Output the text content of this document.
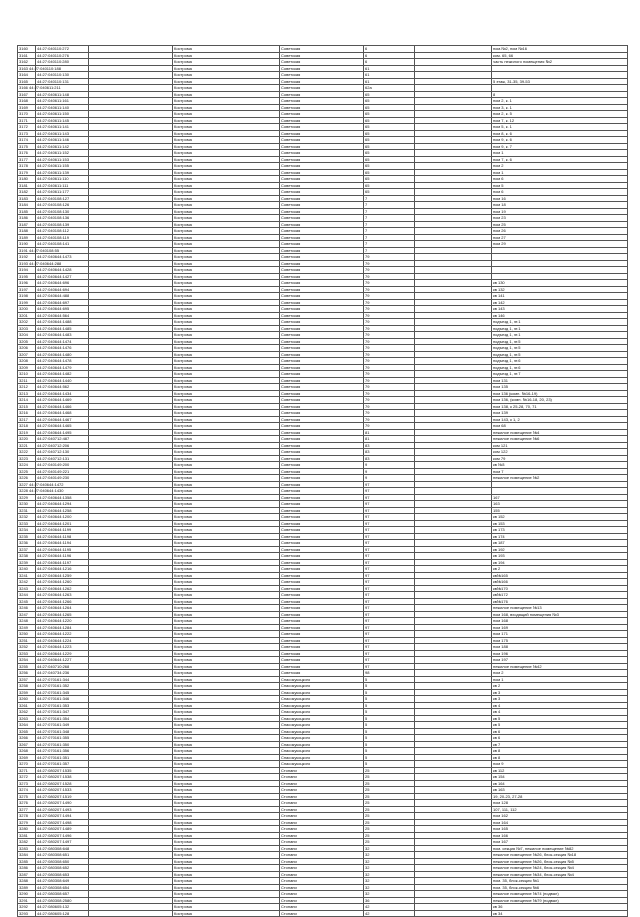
3160	44:27:040110:272		Кострома	Советская	6		пом.№2, пом №16
3161	44:27:040110:276		Кострома	Советская	6		ком. 65, 66
3162	44:27:040110:280		Кострома	Советская	6		часть нежилого помещения №2
3163 44:27:040110:188			Кострома	Советская	61		
3164	44:27:040110:130		Кострома	Советская	61		
3165	44:27:040110:131		Кострома	Советская	61		5 этаж, 31-35, 39-53
3166 44:27:040611:211			Кострома	Советская	62а		
3167	44:27:040611:148		Кострома	Советская	65		8
3168	44:27:040611:161		Кострома	Советская	65		пом 2, к. 1
3169	44:27:040611:140		Кострома	Советская	65		пом 3, к. 1
3170	44:27:040611:150		Кострома	Советская	65		пом 2, к. 5
3171	44:27:040611:145		Кострома	Советская	65		пом 7, к. 12
3172	44:27:040611:141		Кострома	Советская	65		пом 5, к. 1
3173	44:27:040611:143		Кострома	Советская	65		пом 8, к. 6
3174	44:27:040611:146		Кострома	Советская	65		пом 9, к. 6
3175	44:27:040611:142		Кострома	Советская	65		пом 9, к. 7
3176	44:27:040611:152		Кострома	Советская	65		пом 1
3177	44:27:040611:153		Кострома	Советская	65		пом 7, к. 6
3178	44:27:040611:155		Кострома	Советская	65		пом 2
3179	44:27:040611:139		Кострома	Советская	65		пом 1
3180	44:27:040611:110		Кострома	Советская	65		пом 6
3181	44:27:040611:111		Кострома	Советская	65		пом 5
3182	44:27:040611:177		Кострома	Советская	65		пом 6
3183	44:27:040108:127		Кострома	Советская	7		пом 16
3184	44:27:040108:126		Кострома	Советская	7		пом 18
3185	44:27:040108:130		Кострома	Советская	7		пом 19
3186	44:27:040108:136		Кострома	Советская	7		пом 23
3187	44:27:040108:139		Кострома	Советская	7		пом 25
3188	44:27:040108:112		Кострома	Советская	7		пом 26
3189	44:27:040108:119		Кострома	Советская	7		пом 27
3190	44:27:040108:141		Кострома	Советская	7		пом 29
3191 44:27:040108:55			Кострома	Советская	7		
3192	44:27:040644:1473		Кострома	Советская	79		
3193 44:27:040644:288			Кострома	Советская	79		
3194	44:27:040644:1428		Кострома	Советская	79		
3195	44:27:040644:1427		Кострома	Советская	79		
3196	44:27:040644:696		Кострома	Советская	79		кв 130
3197	44:27:040644:694		Кострома	Советская	79		кв 132
3198	44:27:040644:488		Кострома	Советская	79		кв 141
3199	44:27:040644:697		Кострома	Советская	79		кв 142
3200	44:27:040644:695		Кострома	Советская	79		кв 143
3201	44:27:040644:564		Кострома	Советская	79		кв 146
3202	44:27:040644:1488		Кострома	Советская	79		подъезд 1, эт.1
3203	44:27:040644:1485		Кострома	Советская	79		подъезд 1, эт.1
3204	44:27:040644:1483		Кострома	Советская	79		подъезд 1, эт.1
3205	44:27:040644:1474		Кострома	Советская	79		подъезд 1, эт.5
3206	44:27:040644:1476		Кострома	Советская	79		подъезд 1, эт.5
3207	44:27:040644:1480		Кострома	Советская	79		подъезд 1, эт.5
3208	44:27:040644:1478		Кострома	Советская	79		подъезд 1, эт.6
3209	44:27:040644:1479		Кострома	Советская	79		подъезд 1, эт.6
3210	44:27:040644:1482		Кострома	Советская	79		подъезд 1, эт.7
3211	44:27:040644:1440		Кострома	Советская	79		пом 131
3212	44:27:040644:562		Кострома	Советская	79		пом 135
3213	44:27:040644:1434		Кострома	Советская	79		пом 136 (комн. №16-19)
3214	44:27:040644:1469		Кострома	Советская	79		пом 136, (комн. №16-18, 20, 23)
3215	44:27:040644:1466		Кострома	Советская	79		пом 138, к 25-28, 70, 71
3216	44:27:040644:1468		Кострома	Советская	79		пом 139
3217	44:27:040644:1467		Кострома	Советская	79		пом 143, к 1, 2
3218	44:27:040644:1465		Кострома	Советская	79		пом 68
3219	44:27:040644:1495		Кострома	Советская	81		нежилое помещение №4
3220	44:27:040712:487		Кострома	Советская	81		нежилое помещение №6
3221	44:27:040712:206		Кострома	Советская	83		ком 121
3222	44:27:040712:130		Кострома	Советская	83		ком 122
3223	44:27:040712:131		Кострома	Советская	83		ком 79
3224	44:27:040149:200		Кострома	Советская	9		кв №3
3225	44:27:040149:221		Кострома	Советская	9		пом 7
3226	44:27:040149:230		Кострома	Советская	9		нежилое помещение №2
3227 44:27:040644:1472			Кострома	Советская	97		
3228 44:27:040644:1430			Кострома	Советская	97		
3229	44:27:040644:1358		Кострома	Советская	97		167
3230	44:27:040644:1294		Кострома	Советская	97		163
3231	44:27:040644:1258		Кострома	Советская	97		155
3232	44:27:040644:1200		Кострома	Советская	97		кв 152
3233	44:27:040644:1201		Кострома	Советская	97		кв 153
3234	44:27:040644:1199		Кострома	Советская	97		кв 173
3235	44:27:040644:1198		Кострома	Советская	97		кв 174
3236	44:27:040644:1194		Кострома	Советская	97		кв 187
3237	44:27:040644:1195		Кострома	Советская	97		кв 192
3238	44:27:040644:1196		Кострома	Советская	97		кв 193
3239	44:27:040644:1197		Кострома	Советская	97		кв 194
3240	44:27:040644:1216		Кострома	Советская	97		кв 2
3241	44:27:040644:1259		Кострома	Советская	97		кв№165
3242	44:27:040644:1260		Кострома	Советская	97		кв№166
3243	44:27:040644:1262		Кострома	Советская	97		кв№170
3244	44:27:040644:1263		Кострома	Советская	97		кв№172
3245	44:27:040644:1266		Кострома	Советская	97		кв№176
3246	44:27:040644:1264		Кострома	Советская	97		нежилое помещение №13
3247	44:27:040644:1265		Кострома	Советская	97		пом 168, входящий помещения №3
3248	44:27:040644:1220		Кострома	Советская	97		пом 168
3249	44:27:040644:1284		Кострома	Советская	97		пом 169
3250	44:27:040644:1222		Кострома	Советская	97		пом 171
3251	44:27:040644:1224		Кострома	Советская	97		пом 175
3252	44:27:040644:1223		Кострома	Советская	97		пом 188
3253	44:27:040644:1229		Кострома	Советская	97		пом 196
3254	44:27:040644:1227		Кострома	Советская	97		пом 197
3255	44:27:040710:268		Кострома	Советская	97		нежилое помещение №42
3256	44:27:040734:236		Кострома	Советская	98		пом 2
3257	44:27:070161:344		Кострома	Спасокукоцкого	5		пом 1
3258	44:27:070161:352		Кострома	Спасокукоцкого	5		кв 2
3259	44:27:070161:345		Кострома	Спасокукоцкого	5		кв 3
3260	44:27:070161:346		Кострома	Спасокукоцкого	5		кв 3
3261	44:27:070161:353		Кострома	Спасокукоцкого	5		кв 4
3262	44:27:070161:347		Кострома	Спасокукоцкого	5		кв 4
3263	44:27:070161:354		Кострома	Спасокукоцкого	5		кв 5
3264	44:27:070161:349		Кострома	Спасокукоцкого	5		кв 5
3265	44:27:070161:348		Кострома	Спасокукоцкого	5		кв 6
3266	44:27:070161:355		Кострома	Спасокукоцкого	5		кв 6
3267	44:27:070161:350		Кострома	Спасокукоцкого	5		кв 7
3268	44:27:070161:356		Кострома	Спасокукоцкого	5		кв 8
3269	44:27:070161:351		Кострома	Спасокукоцкого	5		кв 8
3270	44:27:070161:357		Кострома	Спасокукоцкого	5		пом 9
3271	44:27:080207:1535		Кострома	Стопани	25		кв 112
3272	44:27:080207:1538		Кострома	Стопани	25		кв 154
3273	44:27:080207:1528		Кострома	Стопани	25		кв 164
3274	44:27:080207:1533		Кострома	Стопани	25		кв 163
3275	44:27:080207:1519		Кострома	Стопани	25		19, 20-23, 27-28
3276	44:27:080207:1490		Кострома	Стопани	25		пом 128
3277	44:27:080207:1493		Кострома	Стопани	25		107, 111, 112
3278	44:27:080207:1494		Кострома	Стопани	25		пом 162
3279	44:27:080207:1498		Кострома	Стопани	25		пом 164
3280	44:27:080207:1489		Кострома	Стопани	25		пом 165
3281	44:27:080207:1496		Кострома	Стопани	25		пом 166
3282	44:27:080207:1497		Кострома	Стопани	25		пом 167
3283	44:27:080308:648		Кострома	Стопани	32		пом. секция №7, нежилое помещение №82
3284	44:27:080308:651		Кострома	Стопани	32		нежилое помещение №26, блок-секция №18
3285	44:27:080308:650		Кострома	Стопани	32		нежилое помещение №26, блок-секция №5
3286	44:27:080308:652		Кострома	Стопани	32		нежилое помещение №24, блок-секция №4
3287	44:27:080308:653		Кострома	Стопани	32		нежилое помещение №34, блок-секция №4
3288	44:27:080308:649		Кострома	Стопани	32		пом. 35, блок-секция №1
3289	44:27:080308:654		Кострома	Стопани	32		пом. 35, блок-секция №6
3290	44:27:080308:657		Кострома	Стопани	32		нежилое помещение №74 (подвал)
3291	44:27:080308:2580		Кострома	Стопани	36		нежилое помещение №79 (подвал)
3292	44:27:080605:132		Кострома	Стопани	42		кв 36
3293	44:27:080605:128		Кострома	Стопани	42		кв 34
